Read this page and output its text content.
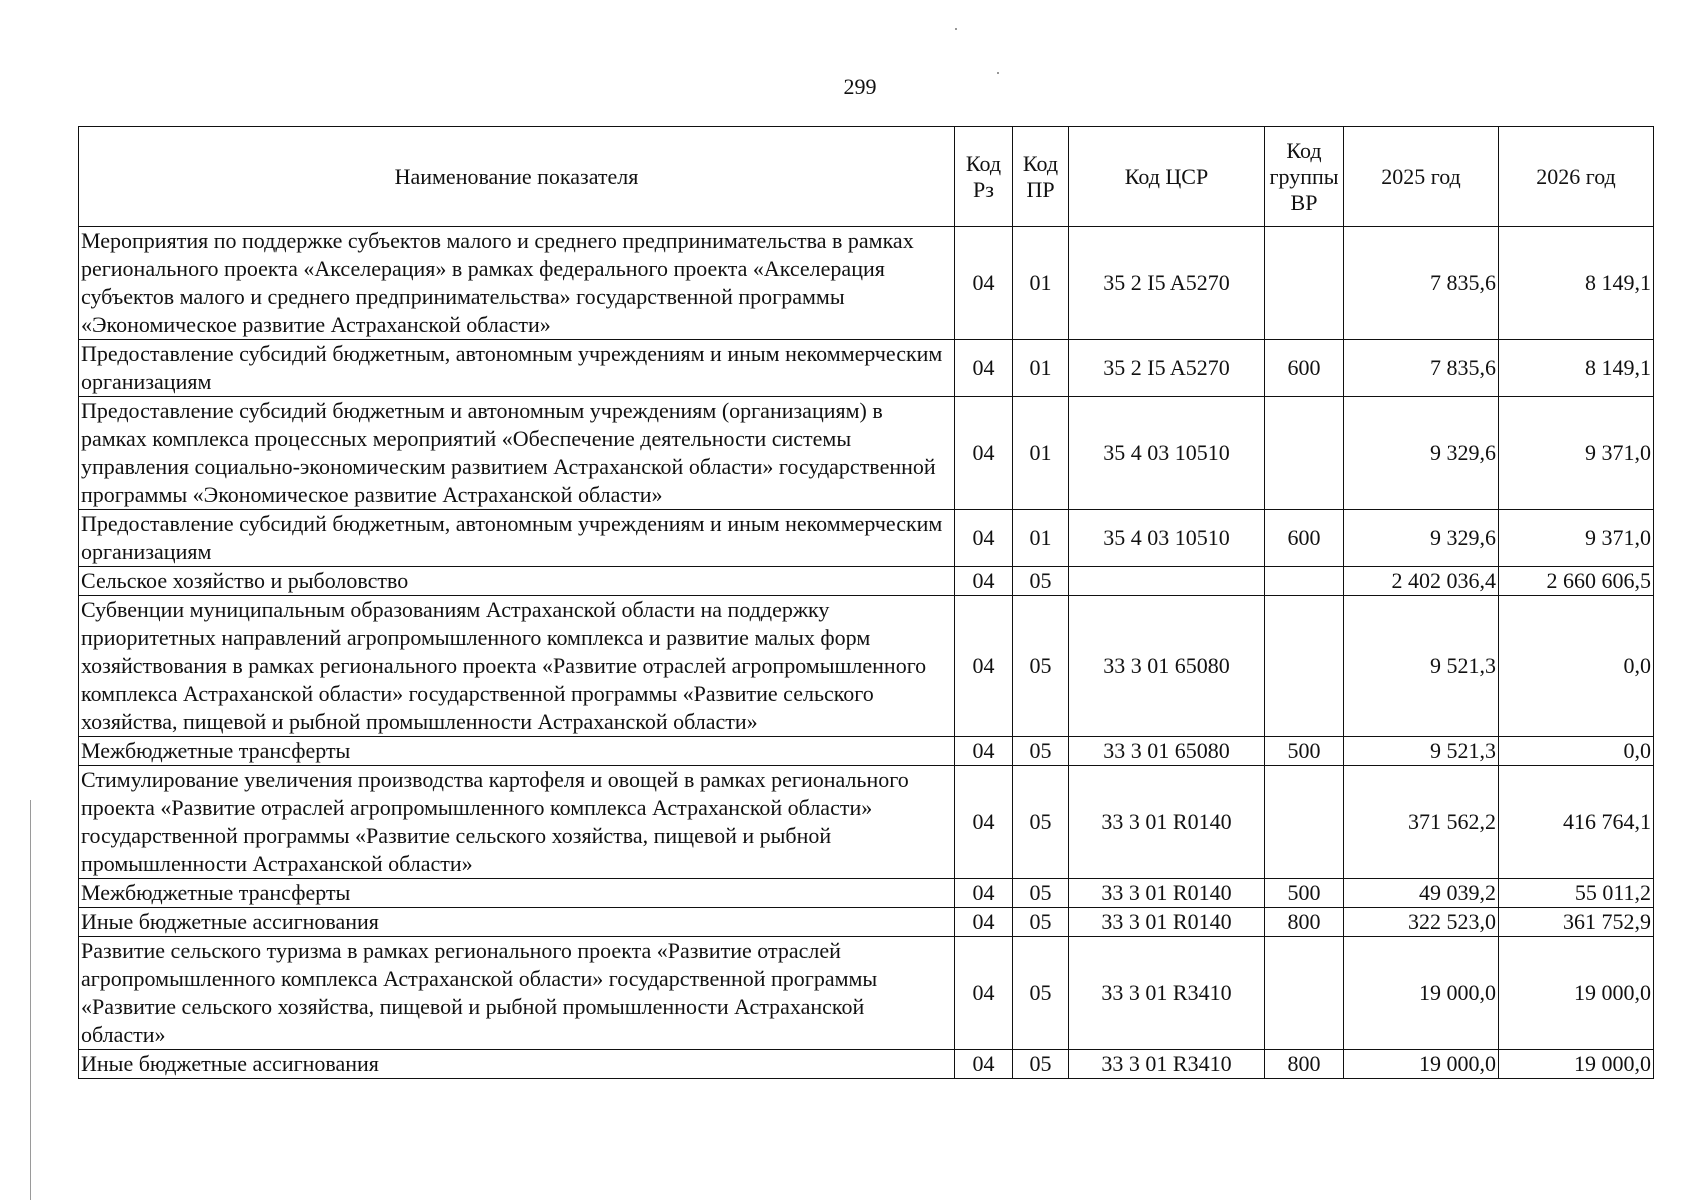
299
Наименование показателя	Код Рз	Код ПР	Код ЦСР	Код группы ВР	2025 год	2026 год
Мероприятия по поддержке субъектов малого и среднего предпринимательства в рамках регионального проекта «Акселерация» в рамках федерального проекта «Акселерация субъектов малого и среднего предпринимательства» государственной программы «Экономическое развитие Астраханской области»	04	01	35 2 I5 A5270		7 835,6	8 149,1
Предоставление субсидий бюджетным, автономным учреждениям и иным некоммерческим организациям	04	01	35 2 I5 A5270	600	7 835,6	8 149,1
Предоставление субсидий бюджетным и автономным учреждениям (организациям) в рамках комплекса процессных мероприятий «Обеспечение деятельности системы управления социально-экономическим развитием Астраханской области» государственной программы «Экономическое развитие Астраханской области»	04	01	35 4 03 10510		9 329,6	9 371,0
Предоставление субсидий бюджетным, автономным учреждениям и иным некоммерческим организациям	04	01	35 4 03 10510	600	9 329,6	9 371,0
Сельское хозяйство и рыболовство	04	05			2 402 036,4	2 660 606,5
Субвенции муниципальным образованиям Астраханской области на поддержку приоритетных направлений агропромышленного комплекса и развитие малых форм хозяйствования в рамках регионального проекта «Развитие отраслей агропромышленного комплекса Астраханской области» государственной программы «Развитие сельского хозяйства, пищевой и рыбной промышленности Астраханской области»	04	05	33 3 01 65080		9 521,3	0,0
Межбюджетные трансферты	04	05	33 3 01 65080	500	9 521,3	0,0
Стимулирование увеличения производства картофеля и овощей в рамках регионального проекта «Развитие отраслей агропромышленного комплекса Астраханской области» государственной программы «Развитие сельского хозяйства, пищевой и рыбной промышленности Астраханской области»	04	05	33 3 01 R0140		371 562,2	416 764,1
Межбюджетные трансферты	04	05	33 3 01 R0140	500	49 039,2	55 011,2
Иные бюджетные ассигнования	04	05	33 3 01 R0140	800	322 523,0	361 752,9
Развитие сельского туризма в рамках регионального проекта «Развитие отраслей агропромышленного комплекса Астраханской области» государственной программы «Развитие сельского хозяйства, пищевой и рыбной промышленности Астраханской области»	04	05	33 3 01 R3410		19 000,0	19 000,0
Иные бюджетные ассигнования	04	05	33 3 01 R3410	800	19 000,0	19 000,0
